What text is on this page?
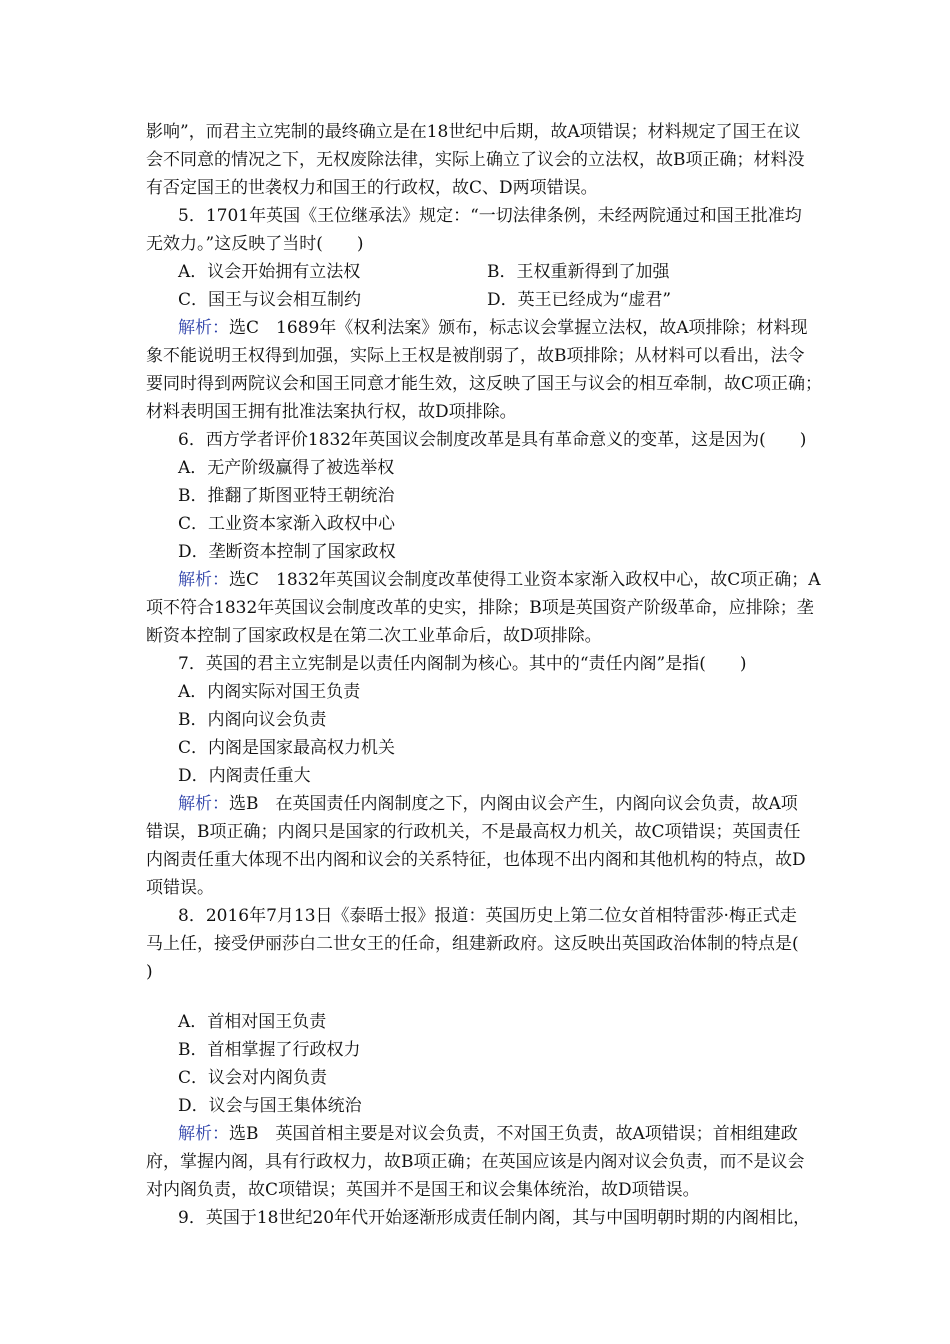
影响”，而君主立宪制的最终确立是在18世纪中后期，故A项错误；材料规定了国王在议
会不同意的情况之下，无权废除法律，实际上确立了议会的立法权，故B项正确；材料没
有否定国王的世袭权力和国王的行政权，故C、D两项错误。
5．1701年英国《王位继承法》规定：“一切法律条例，未经两院通过和国王批准均
无效力。”这反映了当时(　　)
A．议会开始拥有立法权	B．王权重新得到了加强
C．国王与议会相互制约	D．英王已经成为“虚君”
解析：选C　1689年《权利法案》颁布，标志议会掌握立法权，故A项排除；材料现
象不能说明王权得到加强，实际上王权是被削弱了，故B项排除；从材料可以看出，法令
要同时得到两院议会和国王同意才能生效，这反映了国王与议会的相互牵制，故C项正确；
材料表明国王拥有批准法案执行权，故D项排除。
6．西方学者评价1832年英国议会制度改革是具有革命意义的变革，这是因为(　　)
A．无产阶级赢得了被选举权
B．推翻了斯图亚特王朝统治
C．工业资本家渐入政权中心
D．垄断资本控制了国家政权
解析：选C　1832年英国议会制度改革使得工业资本家渐入政权中心，故C项正确；A
项不符合1832年英国议会制度改革的史实，排除；B项是英国资产阶级革命，应排除；垄
断资本控制了国家政权是在第二次工业革命后，故D项排除。
7．英国的君主立宪制是以责任内阁制为核心。其中的“责任内阁”是指(　　)
A．内阁实际对国王负责
B．内阁向议会负责
C．内阁是国家最高权力机关
D．内阁责任重大
解析：选B　在英国责任内阁制度之下，内阁由议会产生，内阁向议会负责，故A项
错误，B项正确；内阁只是国家的行政机关，不是最高权力机关，故C项错误；英国责任
内阁责任重大体现不出内阁和议会的关系特征，也体现不出内阁和其他机构的特点，故D
项错误。
8．2016年7月13日《泰晤士报》报道：英国历史上第二位女首相特雷莎·梅正式走
马上任，接受伊丽莎白二世女王的任命，组建新政府。这反映出英国政治体制的特点是(
)
A．首相对国王负责
B．首相掌握了行政权力
C．议会对内阁负责
D．议会与国王集体统治
解析：选B　英国首相主要是对议会负责，不对国王负责，故A项错误；首相组建政
府，掌握内阁，具有行政权力，故B项正确；在英国应该是内阁对议会负责，而不是议会
对内阁负责，故C项错误；英国并不是国王和议会集体统治，故D项错误。
9．英国于18世纪20年代开始逐渐形成责任制内阁，其与中国明朝时期的内阁相比，
